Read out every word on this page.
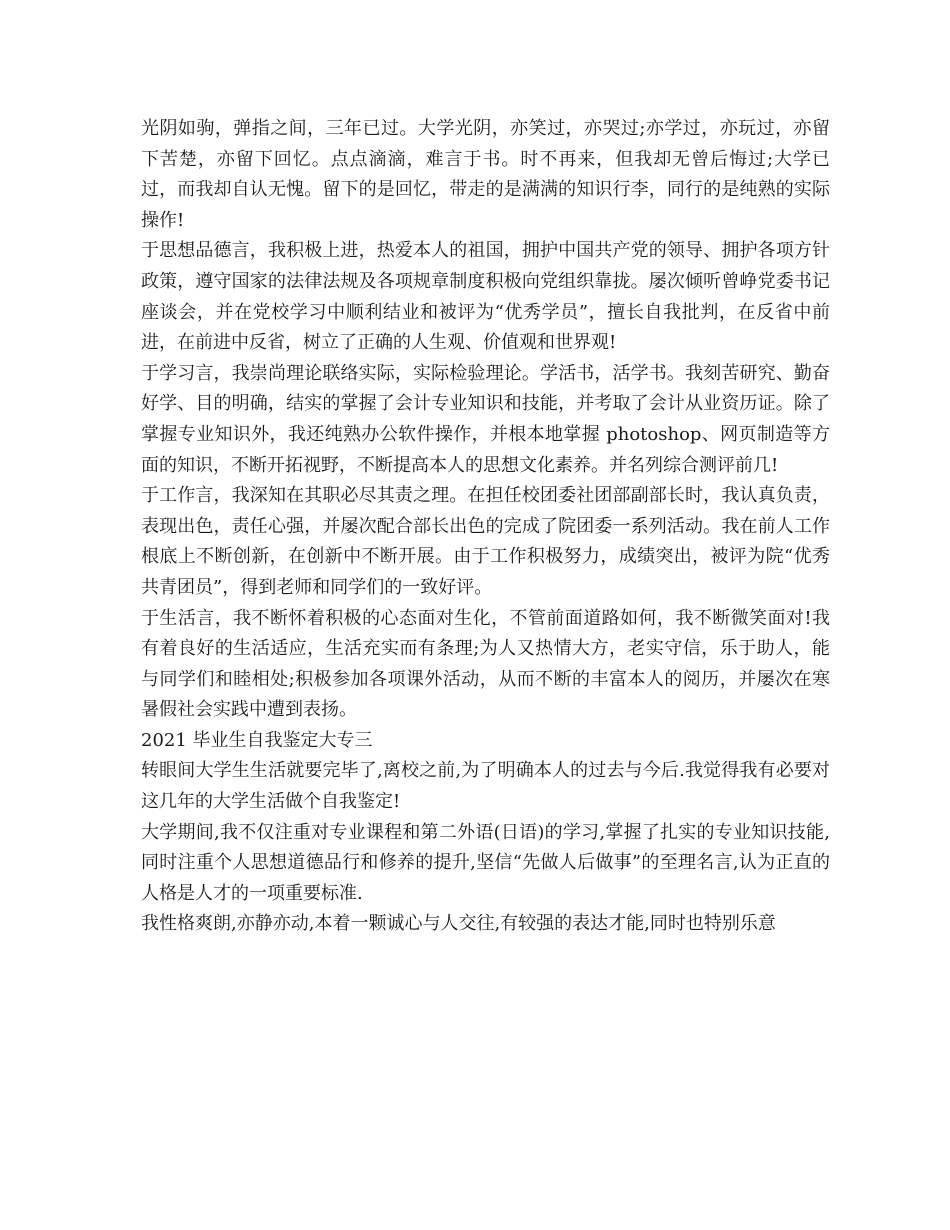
光阴如驹，弹指之间，三年已过。大学光阴，亦笑过，亦哭过;亦学过，亦玩过，亦留下苦楚，亦留下回忆。点点滴滴，难言于书。时不再来，但我却无曾后悔过;大学已过，而我却自认无愧。留下的是回忆，带走的是满满的知识行李，同行的是纯熟的实际操作!

于思想品德言，我积极上进，热爱本人的祖国，拥护中国共产党的领导、拥护各项方针政策，遵守国家的法律法规及各项规章制度积极向党组织靠拢。屡次倾听曾峥党委书记座谈会，并在党校学习中顺利结业和被评为“优秀学员”，擅长自我批判，在反省中前进，在前进中反省，树立了正确的人生观、价值观和世界观!

于学习言，我崇尚理论联络实际，实际检验理论。学活书，活学书。我刻苦研究、勤奋好学、目的明确，结实的掌握了会计专业知识和技能，并考取了会计从业资历证。除了掌握专业知识外，我还纯熟办公软件操作，并根本地掌握 photoshop、网页制造等方面的知识，不断开拓视野，不断提高本人的思想文化素养。并名列综合测评前几!

于工作言，我深知在其职必尽其责之理。在担任校团委社团部副部长时，我认真负责，表现出色，责任心强，并屡次配合部长出色的完成了院团委一系列活动。我在前人工作根底上不断创新，在创新中不断开展。由于工作积极努力，成绩突出，被评为院“优秀共青团员”，得到老师和同学们的一致好评。

于生活言，我不断怀着积极的心态面对生化，不管前面道路如何，我不断微笑面对!我有着良好的生活适应，生活充实而有条理;为人又热情大方，老实守信，乐于助人，能与同学们和睦相处;积极参加各项课外活动，从而不断的丰富本人的阅历，并屡次在寒暑假社会实践中遭到表扬。

2021 毕业生自我鉴定大专三

转眼间大学生生活就要完毕了,离校之前,为了明确本人的过去与今后.我觉得我有必要对这几年的大学生活做个自我鉴定!

大学期间,我不仅注重对专业课程和第二外语(日语)的学习,掌握了扎实的专业知识技能,同时注重个人思想道德品行和修养的提升,坚信“先做人后做事”的至理名言,认为正直的人格是人才的一项重要标准.

我性格爽朗,亦静亦动,本着一颗诚心与人交往,有较强的表达才能,同时也特别乐意
